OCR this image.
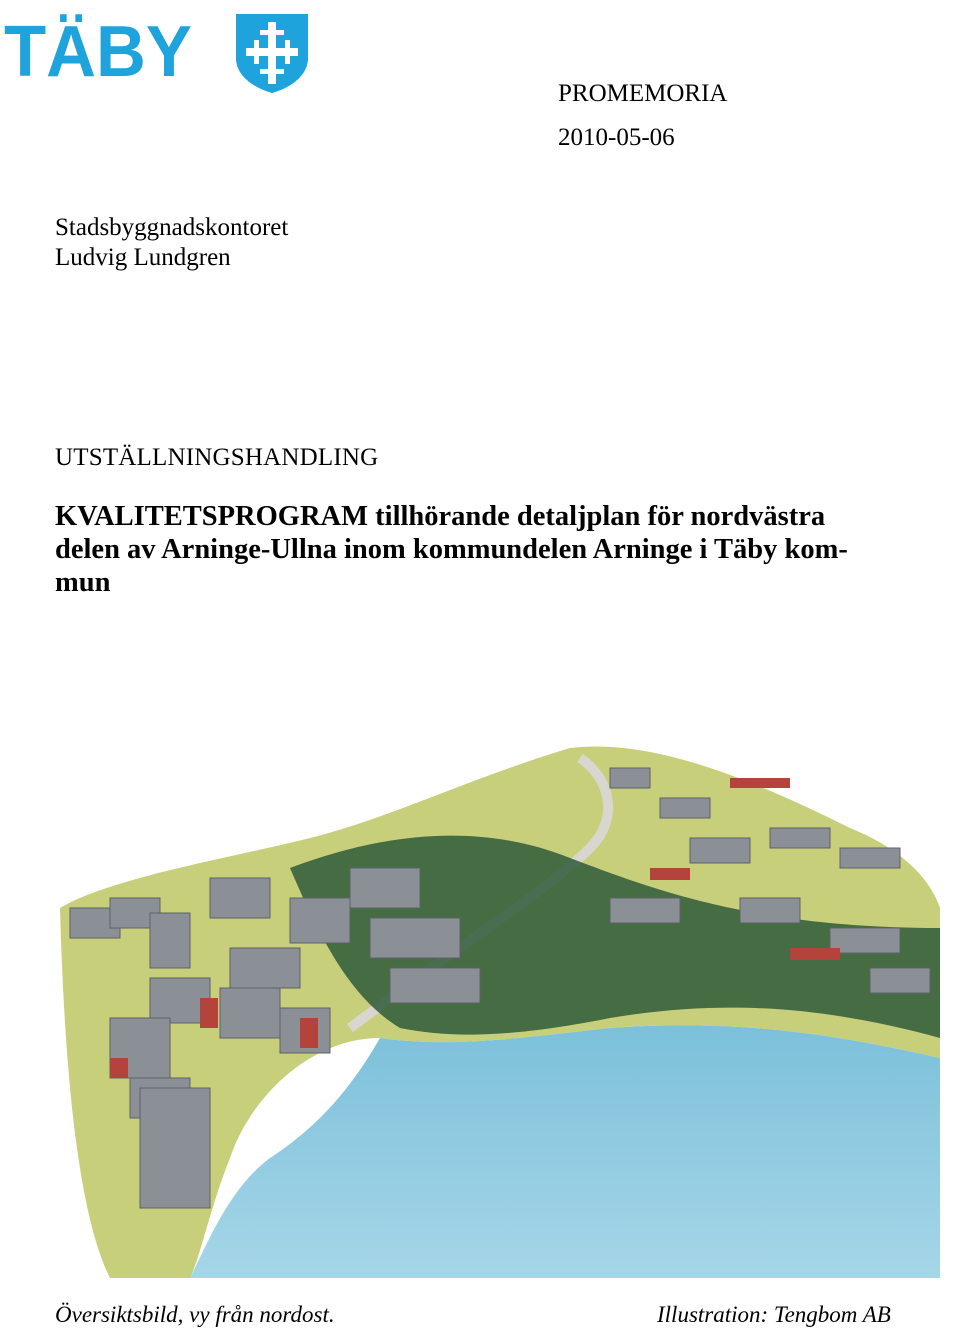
TÄBY
PROMEMORIA
2010-05-06
Stadsbyggnadskontoret
Ludvig Lundgren
UTSTÄLLNINGSHANDLING
KVALITETSPROGRAM tillhörande detaljplan för nordvästra
delen av Arninge-Ullna inom kommundelen Arninge i Täby kom-
mun
Översiktsbild, vy från nordost.	Illustration: Tengbom AB
